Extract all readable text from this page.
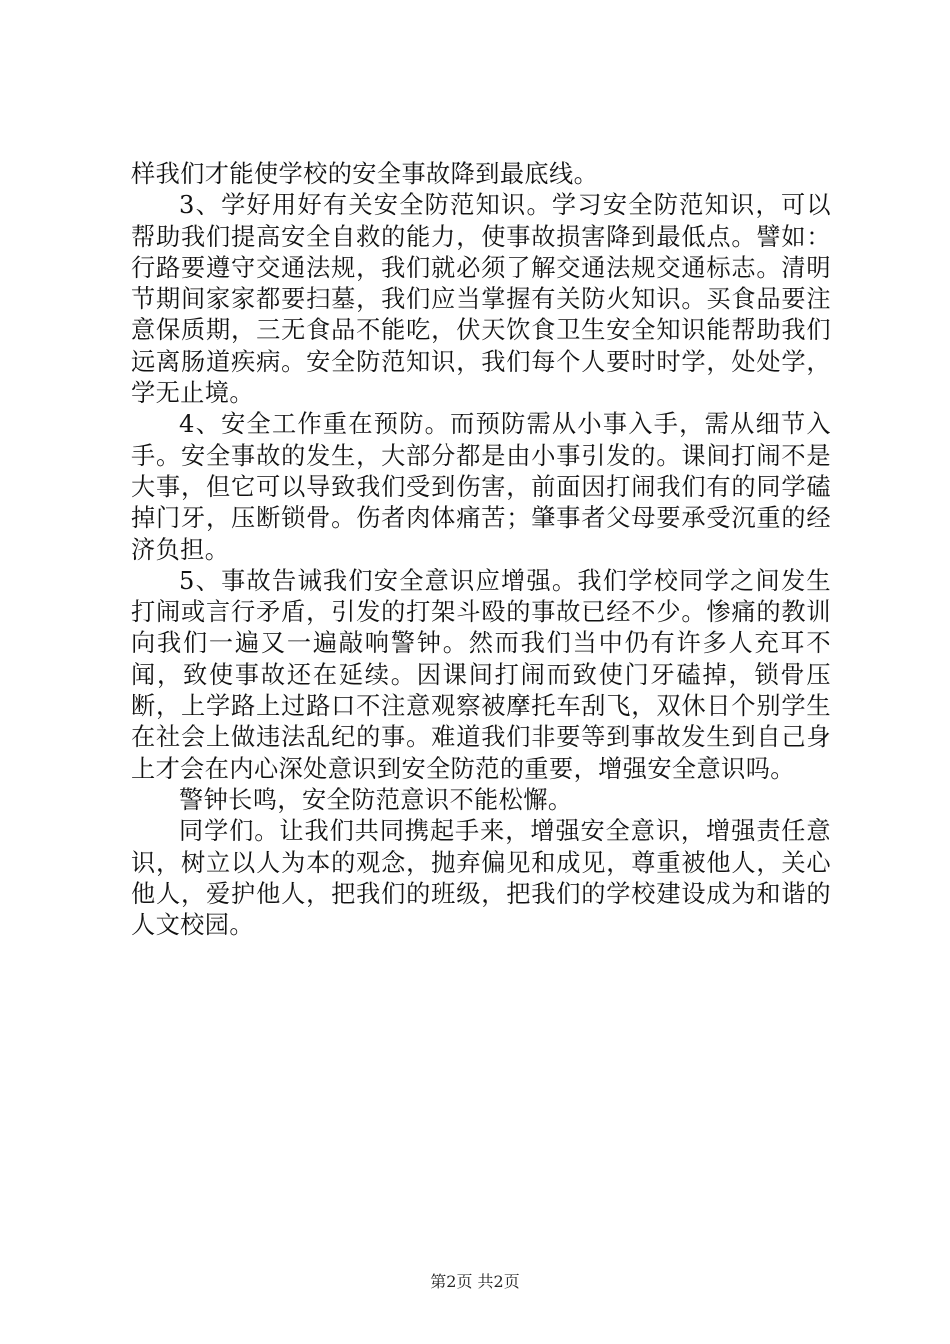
样我们才能使学校的安全事故降到最底线。

3、学好用好有关安全防范知识。学习安全防范知识，可以帮助我们提高安全自救的能力，使事故损害降到最低点。譬如：行路要遵守交通法规，我们就必须了解交通法规交通标志。清明节期间家家都要扫墓，我们应当掌握有关防火知识。买食品要注意保质期，三无食品不能吃，伏天饮食卫生安全知识能帮助我们远离肠道疾病。安全防范知识，我们每个人要时时学，处处学，学无止境。

4、安全工作重在预防。而预防需从小事入手，需从细节入手。安全事故的发生，大部分都是由小事引发的。课间打闹不是大事，但它可以导致我们受到伤害，前面因打闹我们有的同学磕掉门牙，压断锁骨。伤者肉体痛苦；肇事者父母要承受沉重的经济负担。

5、事故告诫我们安全意识应增强。我们学校同学之间发生打闹或言行矛盾，引发的打架斗殴的事故已经不少。惨痛的教训向我们一遍又一遍敲响警钟。然而我们当中仍有许多人充耳不闻，致使事故还在延续。因课间打闹而致使门牙磕掉，锁骨压断，上学路上过路口不注意观察被摩托车刮飞，双休日个别学生在社会上做违法乱纪的事。难道我们非要等到事故发生到自己身上才会在内心深处意识到安全防范的重要，增强安全意识吗。

警钟长鸣，安全防范意识不能松懈。

同学们。让我们共同携起手来，增强安全意识，增强责任意识，树立以人为本的观念，抛弃偏见和成见，尊重被他人，关心他人，爱护他人，把我们的班级，把我们的学校建设成为和谐的人文校园。

第2页 共2页
